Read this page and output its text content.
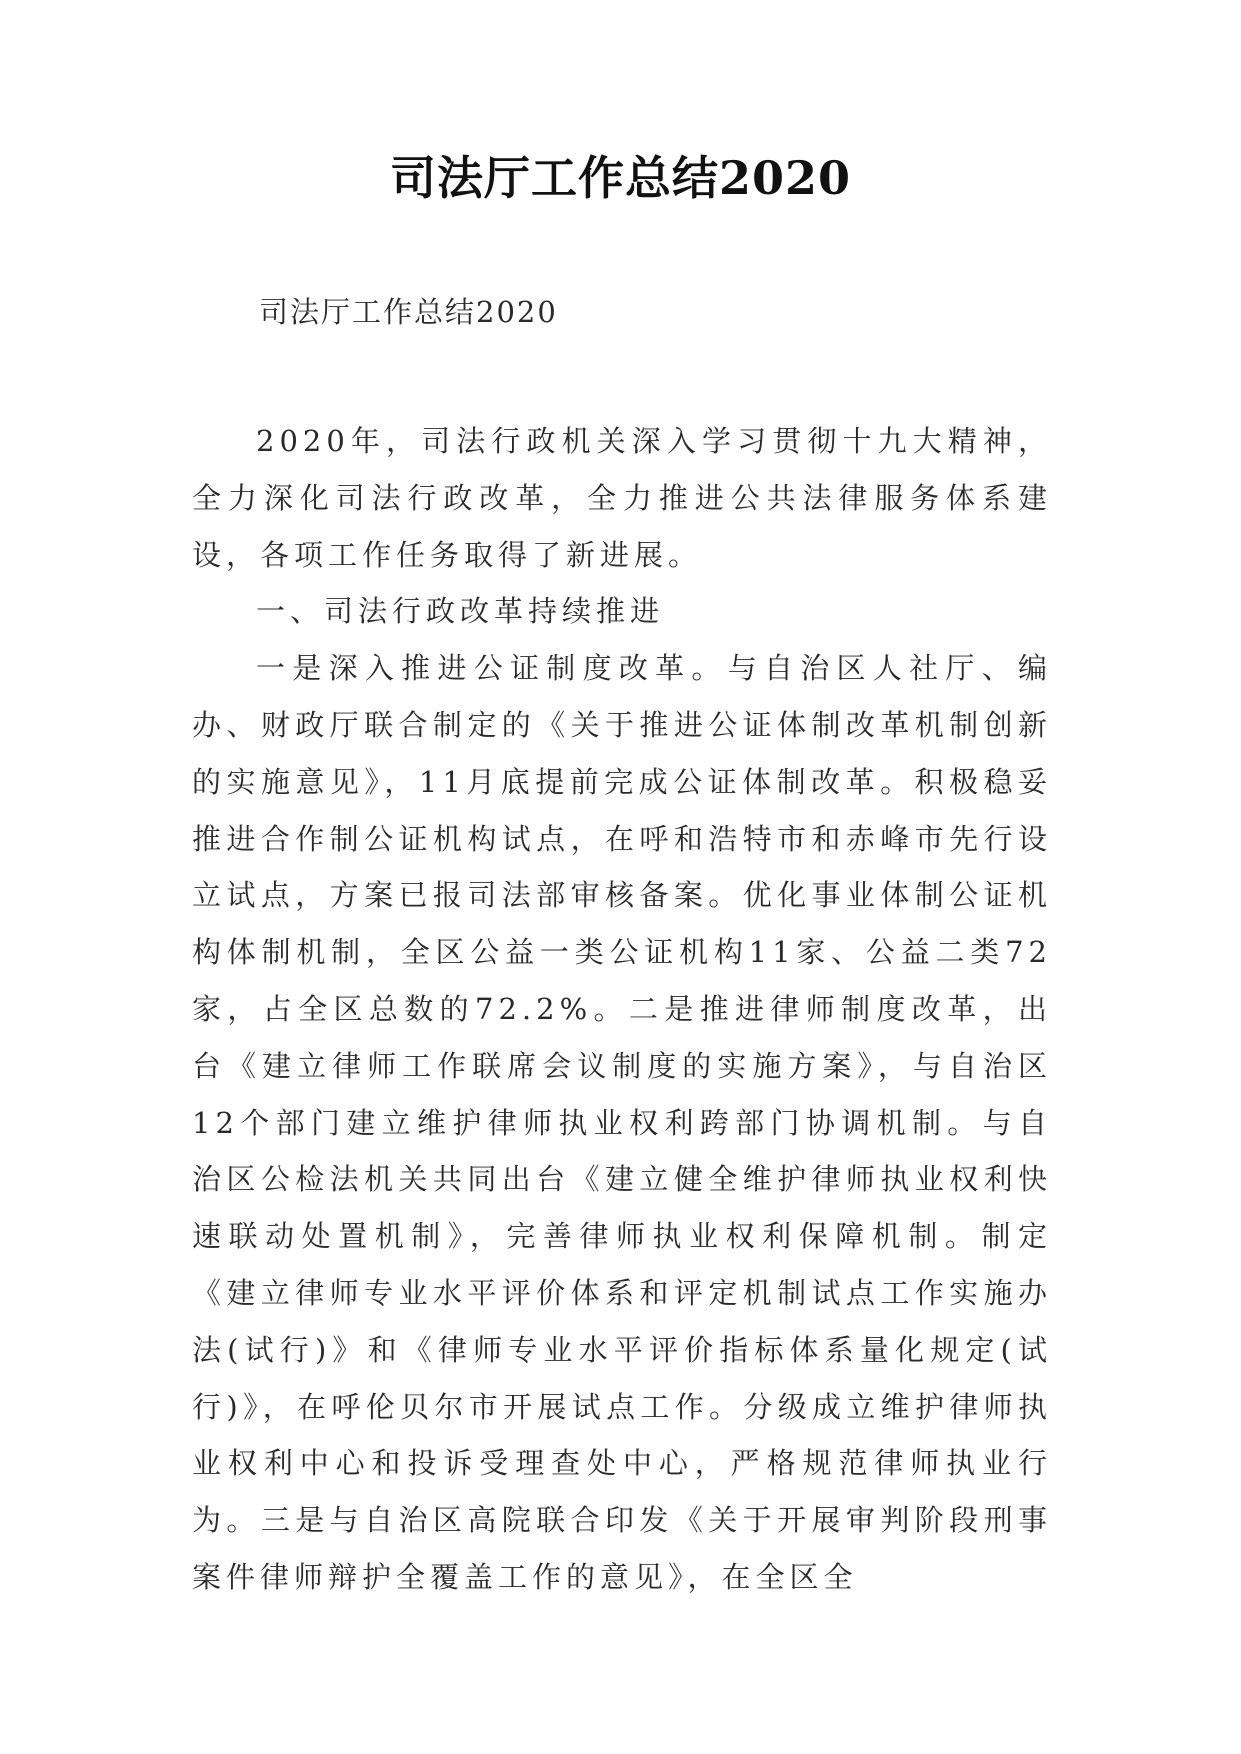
司法厅工作总结2020
司法厅工作总结2020

2020年，司法行政机关深入学习贯彻十九大精神，全力深化司法行政改革，全力推进公共法律服务体系建设，各项工作任务取得了新进展。

一、司法行政改革持续推进

一是深入推进公证制度改革。与自治区人社厅、编办、财政厅联合制定的《关于推进公证体制改革机制创新的实施意见》，11月底提前完成公证体制改革。积极稳妥推进合作制公证机构试点，在呼和浩特市和赤峰市先行设立试点，方案已报司法部审核备案。优化事业体制公证机构体制机制，全区公益一类公证机构11家、公益二类72家，占全区总数的72.2%。二是推进律师制度改革，出台《建立律师工作联席会议制度的实施方案》，与自治区12个部门建立维护律师执业权利跨部门协调机制。与自治区公检法机关共同出台《建立健全维护律师执业权利快速联动处置机制》，完善律师执业权利保障机制。制定《建立律师专业水平评价体系和评定机制试点工作实施办法(试行)》和《律师专业水平评价指标体系量化规定(试行)》，在呼伦贝尔市开展试点工作。分级成立维护律师执业权利中心和投诉受理查处中心，严格规范律师执业行为。三是与自治区高院联合印发《关于开展审判阶段刑事案件律师辩护全覆盖工作的意见》，在全区全
